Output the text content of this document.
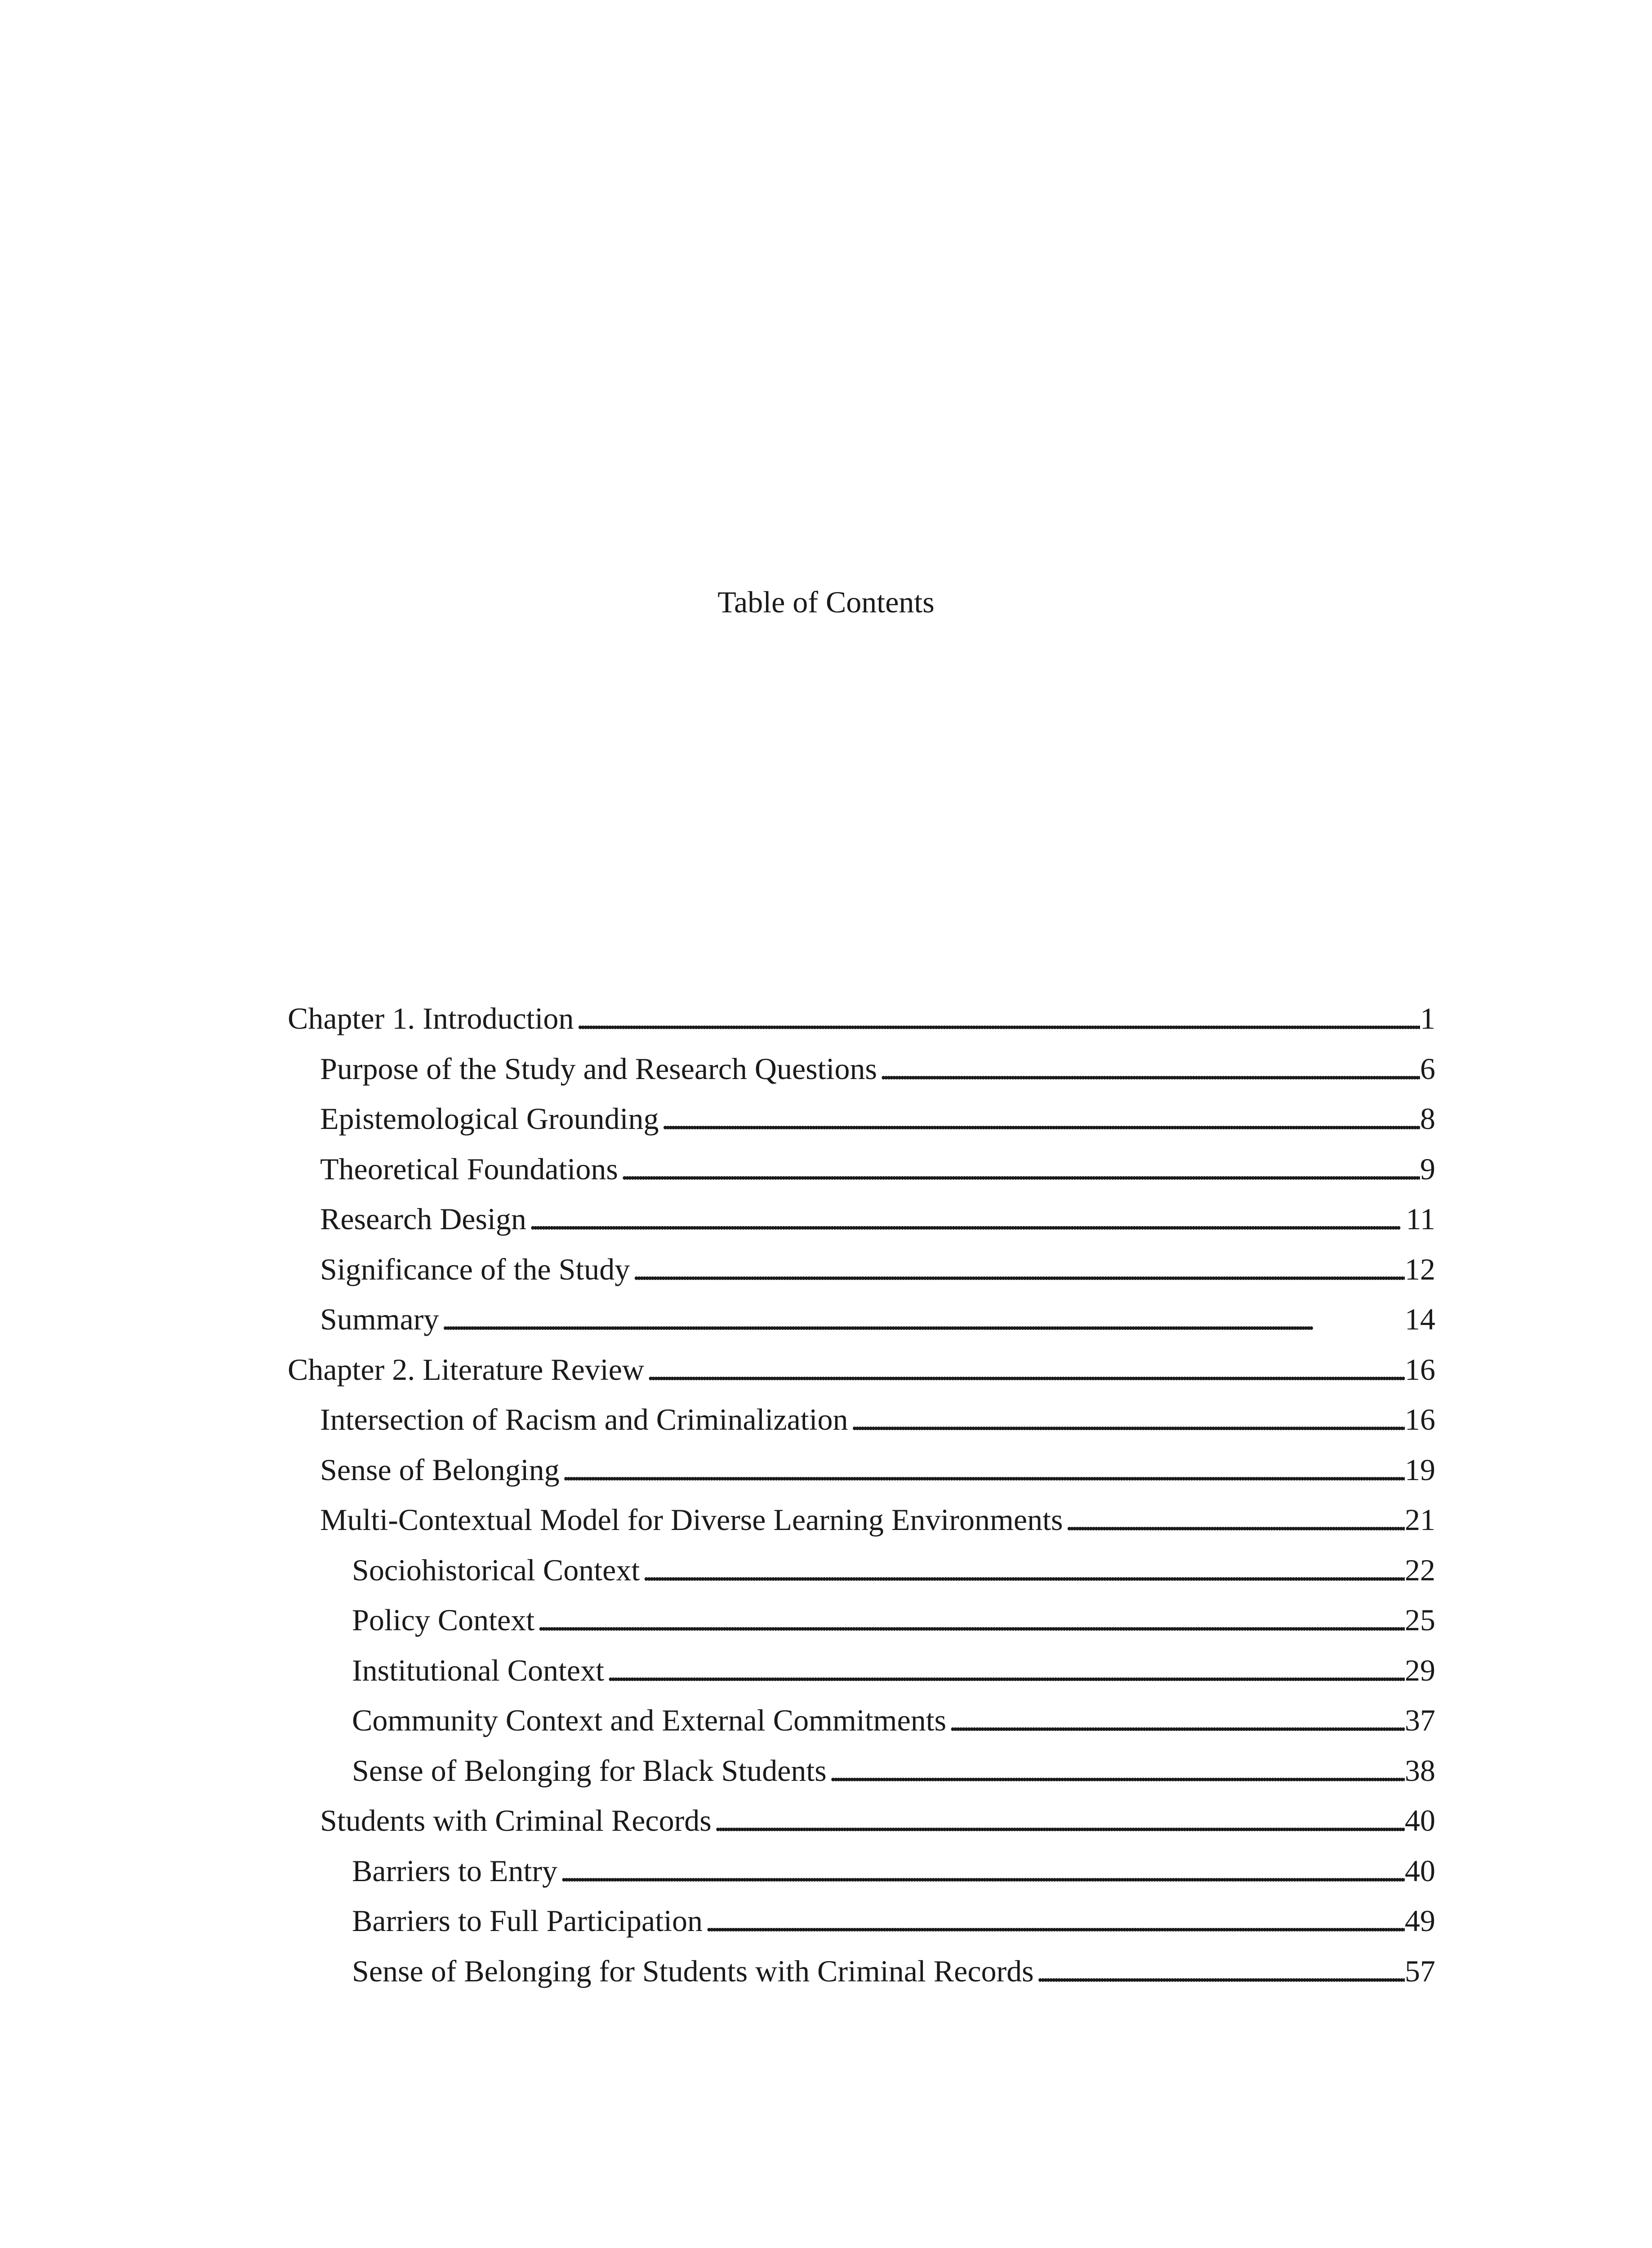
Table of Contents
Chapter 1. Introduction . . .	1
Purpose of the Study and Research Questions . . .	6
Epistemological Grounding . . .	8
Theoretical Foundations . . .	9
Research Design . . .	11
Significance of the Study . . .	12
Summary . . .	14
Chapter 2. Literature Review . . .	16
Intersection of Racism and Criminalization . . .	16
Sense of Belonging . . .	19
Multi-Contextual Model for Diverse Learning Environments . . .	21
Sociohistorical Context . . .	22
Policy Context . . .	25
Institutional Context . . .	29
Community Context and External Commitments . . .	37
Sense of Belonging for Black Students . . .	38
Students with Criminal Records . . .	40
Barriers to Entry . . .	40
Barriers to Full Participation . . .	49
Sense of Belonging for Students with Criminal Records . . .	57
